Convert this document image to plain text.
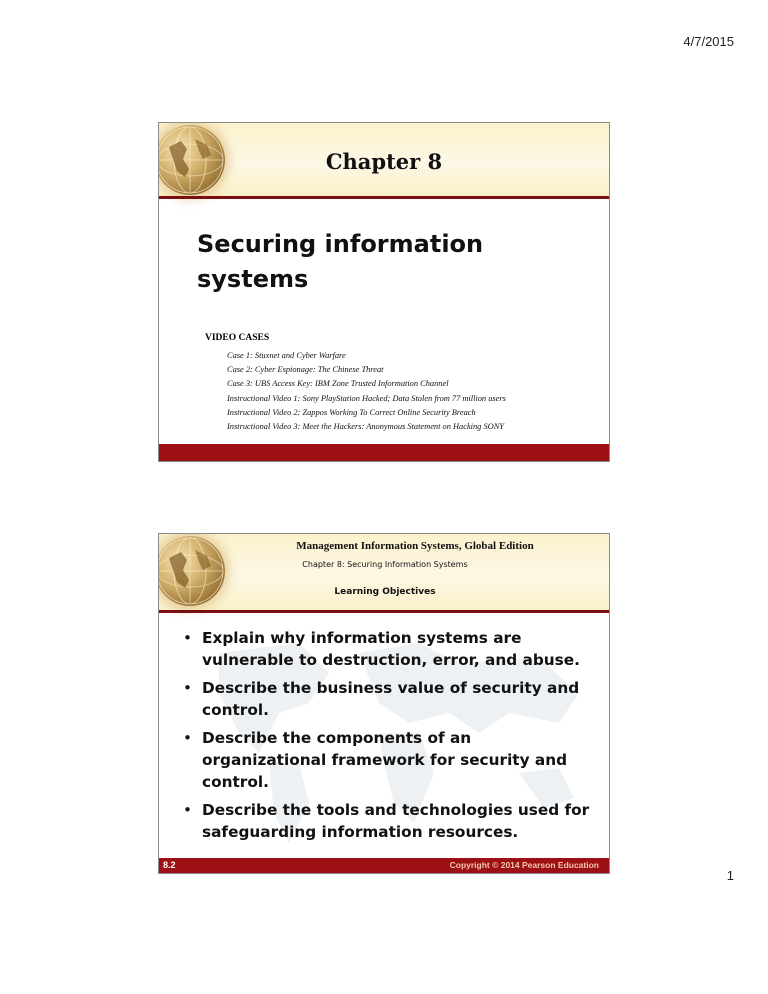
4/7/2015
Chapter 8
Securing information systems
VIDEO CASES
Case 1: Stuxnet and Cyber Warfare
Case 2: Cyber Espionage: The Chinese Threat
Case 3: UBS Access Key: IBM Zone Trusted Information Channel
Instructional Video 1: Sony PlayStation Hacked; Data Stolen from 77 million users
Instructional Video 2: Zappos Working To Correct Online Security Breach
Instructional Video 3: Meet the Hackers: Anonymous Statement on Hacking SONY
Management Information Systems, Global Edition
Chapter 8: Securing Information Systems
Learning Objectives
• Explain why information systems are vulnerable to destruction, error, and abuse.
• Describe the business value of security and control.
• Describe the components of an organizational framework for security and control.
• Describe the tools and technologies used for safeguarding information resources.
8.2	Copyright © 2014 Pearson Education
1
